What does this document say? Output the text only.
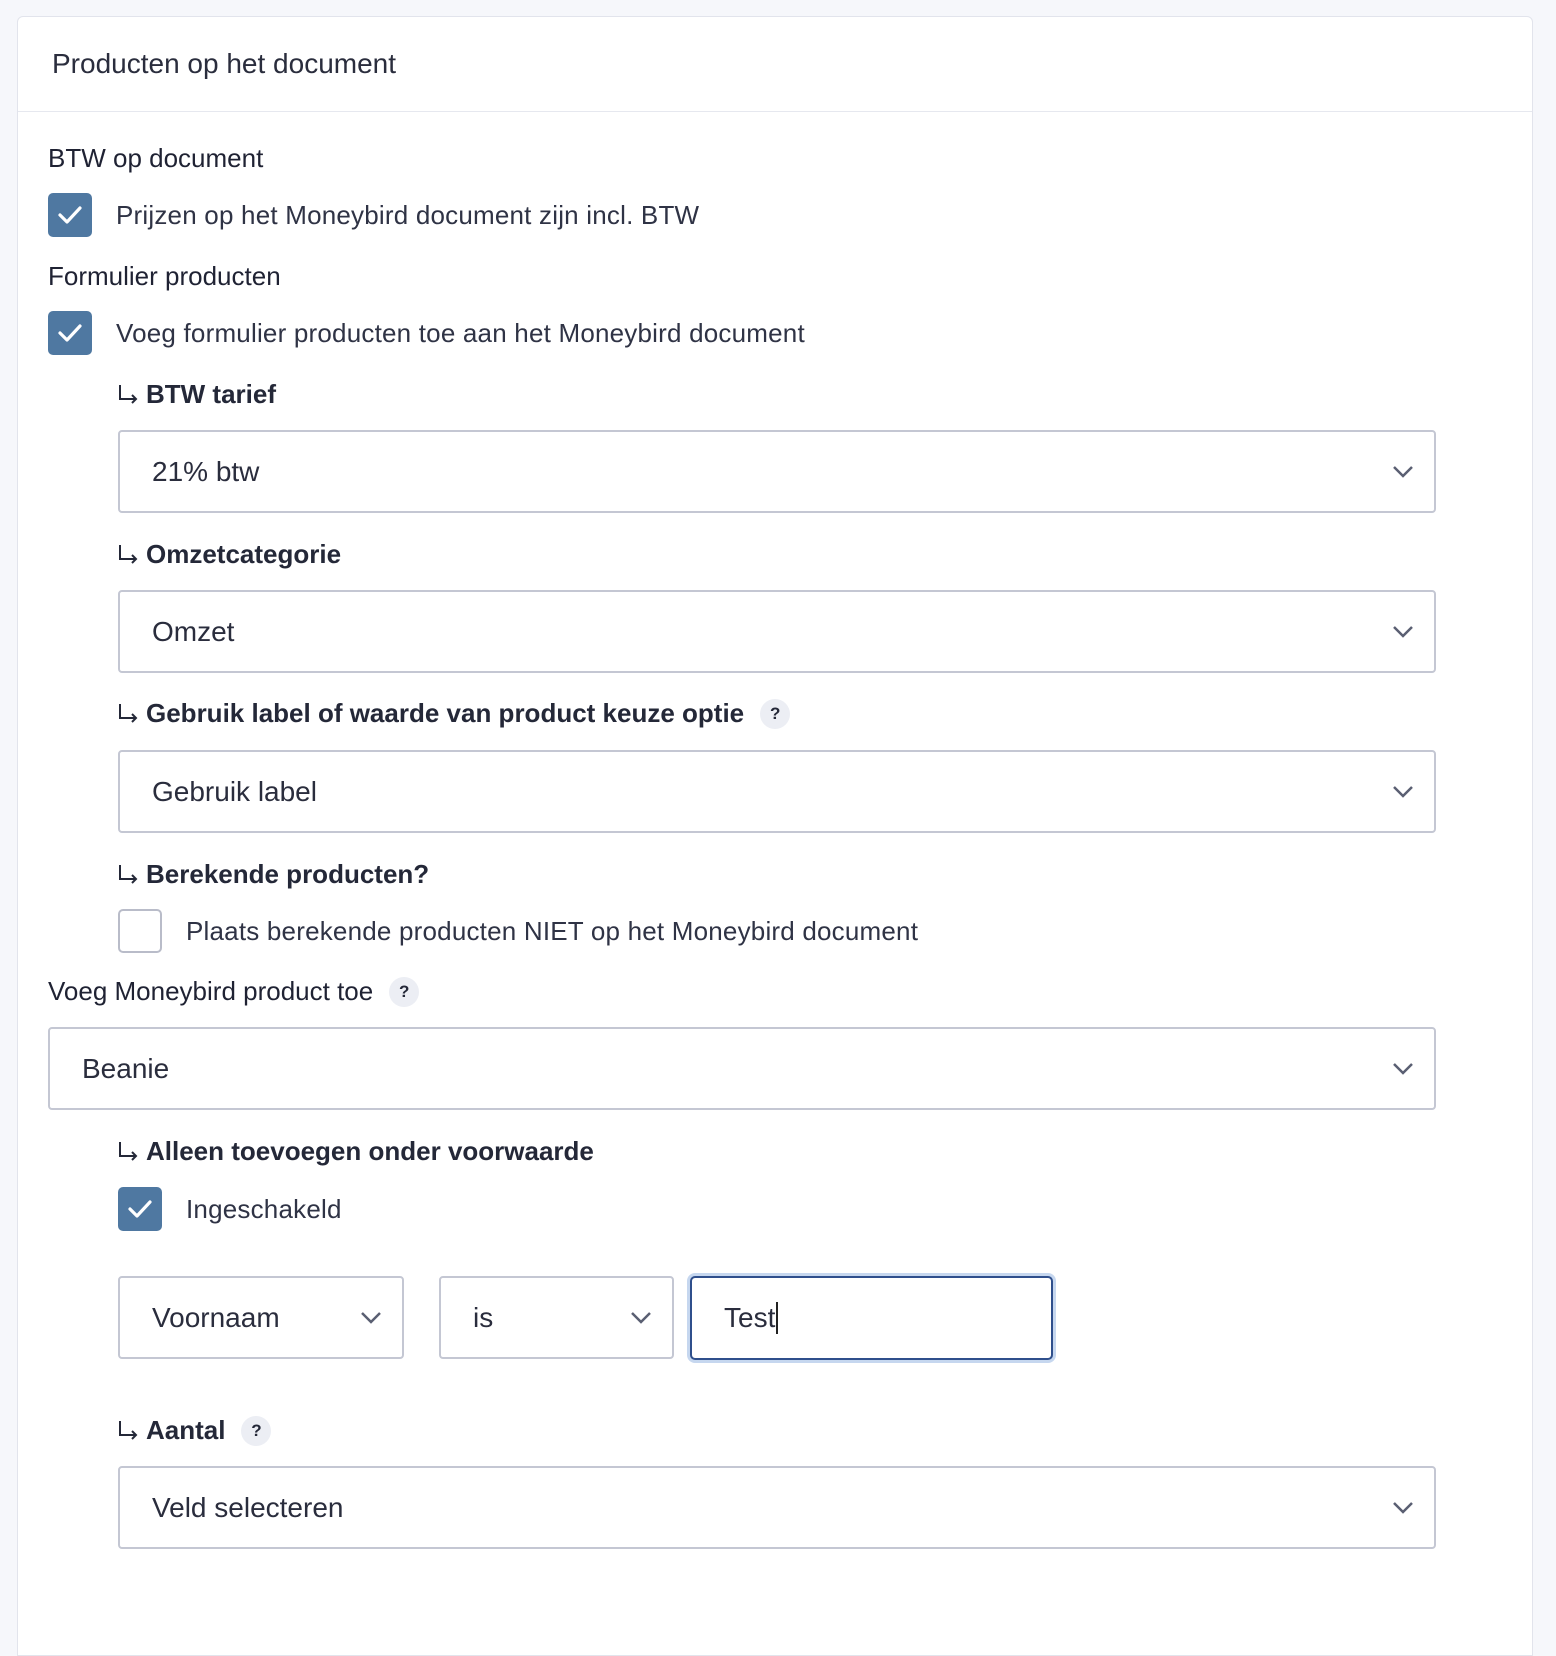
Producten op het document
BTW op document
Prijzen op het Moneybird document zijn incl. BTW
Formulier producten
Voeg formulier producten toe aan het Moneybird document
BTW tarief
21% btw
Omzetcategorie
Omzet
Gebruik label of waarde van product keuze optie ?
Gebruik label
Berekende producten?
Plaats berekende producten NIET op het Moneybird document
Voeg Moneybird product toe ?
Beanie
Alleen toevoegen onder voorwaarde
Ingeschakeld
Voornaam	is	Test
Aantal ?
Veld selecteren
